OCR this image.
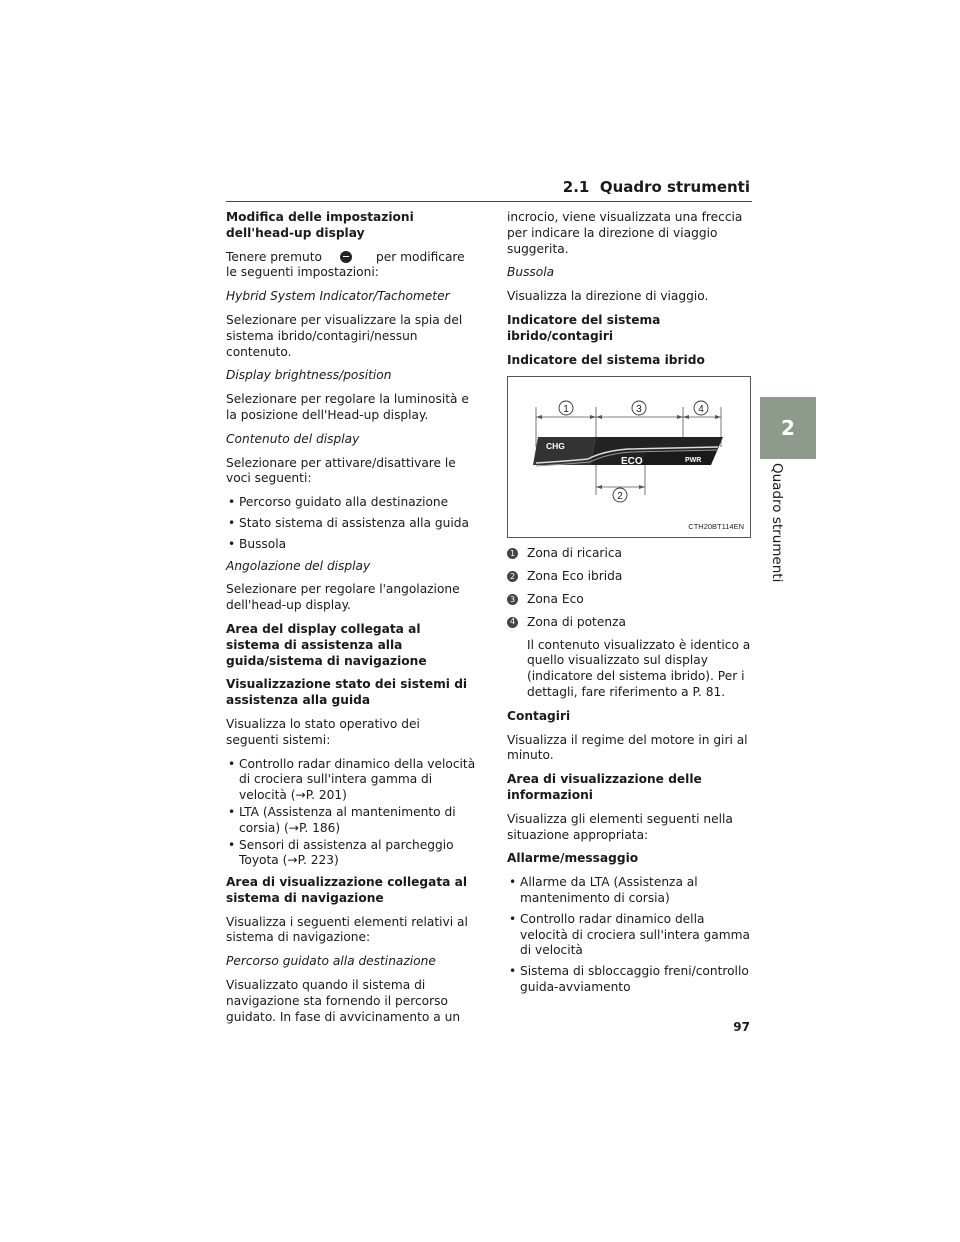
2.1 Quadro strumenti
2
Quadro strumenti

Modifica delle impostazioni dell'head-up display

Tenere premuto	per modificare le seguenti impostazioni:

Hybrid System Indicator/Tachometer

Selezionare per visualizzare la spia del sistema ibrido/contagiri/nessun contenuto.

Display brightness/position

Selezionare per regolare la luminosità e la posizione dell'Head-up display.

Contenuto del display

Selezionare per attivare/disattivare le voci seguenti:

• Percorso guidato alla destinazione
• Stato sistema di assistenza alla guida
• Bussola

Angolazione del display

Selezionare per regolare l'angolazione dell'head-up display.

Area del display collegata al sistema di assistenza alla guida/sistema di navigazione

Visualizzazione stato dei sistemi di assistenza alla guida

Visualizza lo stato operativo dei seguenti sistemi:

• Controllo radar dinamico della velocità di crociera sull'intera gamma di velocità (→P. 201)
• LTA (Assistenza al mantenimento di corsia) (→P. 186)
• Sensori di assistenza al parcheggio Toyota (→P. 223)

Area di visualizzazione collegata al sistema di navigazione

Visualizza i seguenti elementi relativi al sistema di navigazione:

Percorso guidato alla destinazione

Visualizzato quando il sistema di navigazione sta fornendo il percorso guidato. In fase di avvicinamento a un

incrocio, viene visualizzata una freccia per indicare la direzione di viaggio suggerita.

Bussola

Visualizza la direzione di viaggio.

Indicatore del sistema ibrido/contagiri

Indicatore del sistema ibrido

1
2
3	4
CHG
ECO	PWR
CTH20BT114EN
1 Zona di ricarica
2 Zona Eco ibrida
3 Zona Eco
4 Zona di potenza

Il contenuto visualizzato è identico a quello visualizzato sul display (indicatore del sistema ibrido). Per i dettagli, fare riferimento a P. 81.

Contagiri

Visualizza il regime del motore in giri al minuto.

Area di visualizzazione delle informazioni

Visualizza gli elementi seguenti nella situazione appropriata:

Allarme/messaggio

• Allarme da LTA (Assistenza al mantenimento di corsia)
• Controllo radar dinamico della velocità di crociera sull'intera gamma di velocità
• Sistema di sbloccaggio freni/controllo guida-avviamento
97
